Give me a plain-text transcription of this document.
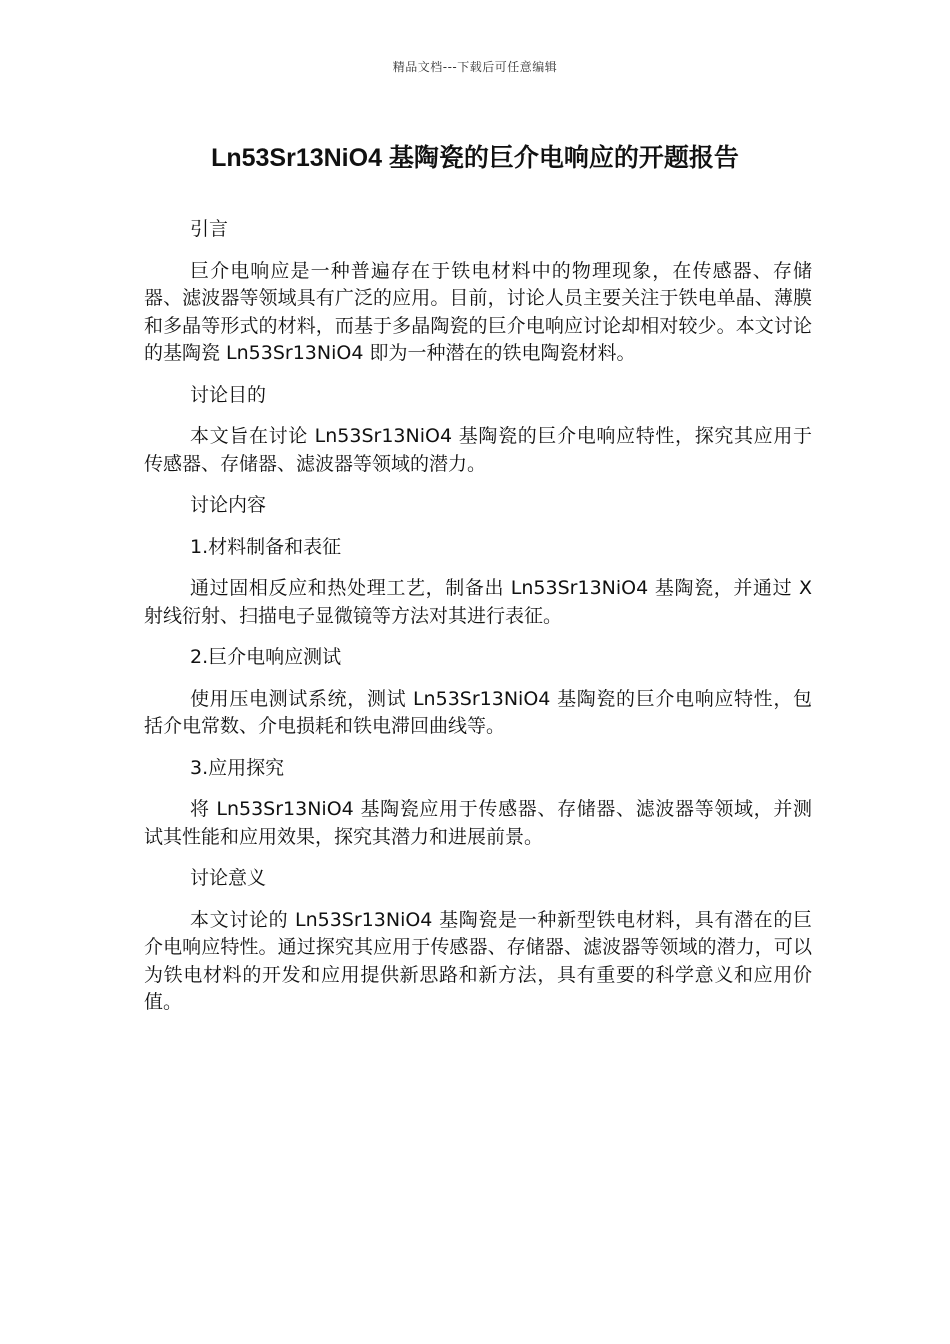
精品文档---下载后可任意编辑
Ln53Sr13NiO4 基陶瓷的巨介电响应的开题报告

引言

巨介电响应是一种普遍存在于铁电材料中的物理现象，在传感器、存储器、滤波器等领域具有广泛的应用。目前，讨论人员主要关注于铁电单晶、薄膜和多晶等形式的材料，而基于多晶陶瓷的巨介电响应讨论却相对较少。本文讨论的基陶瓷 Ln53Sr13NiO4 即为一种潜在的铁电陶瓷材料。

讨论目的

本文旨在讨论 Ln53Sr13NiO4 基陶瓷的巨介电响应特性，探究其应用于传感器、存储器、滤波器等领域的潜力。

讨论内容

1.材料制备和表征

通过固相反应和热处理工艺，制备出 Ln53Sr13NiO4 基陶瓷，并通过 X 射线衍射、扫描电子显微镜等方法对其进行表征。

2.巨介电响应测试

使用压电测试系统，测试 Ln53Sr13NiO4 基陶瓷的巨介电响应特性，包括介电常数、介电损耗和铁电滞回曲线等。

3.应用探究

将 Ln53Sr13NiO4 基陶瓷应用于传感器、存储器、滤波器等领域，并测试其性能和应用效果，探究其潜力和进展前景。

讨论意义

本文讨论的 Ln53Sr13NiO4 基陶瓷是一种新型铁电材料，具有潜在的巨介电响应特性。通过探究其应用于传感器、存储器、滤波器等领域的潜力，可以为铁电材料的开发和应用提供新思路和新方法，具有重要的科学意义和应用价值。
